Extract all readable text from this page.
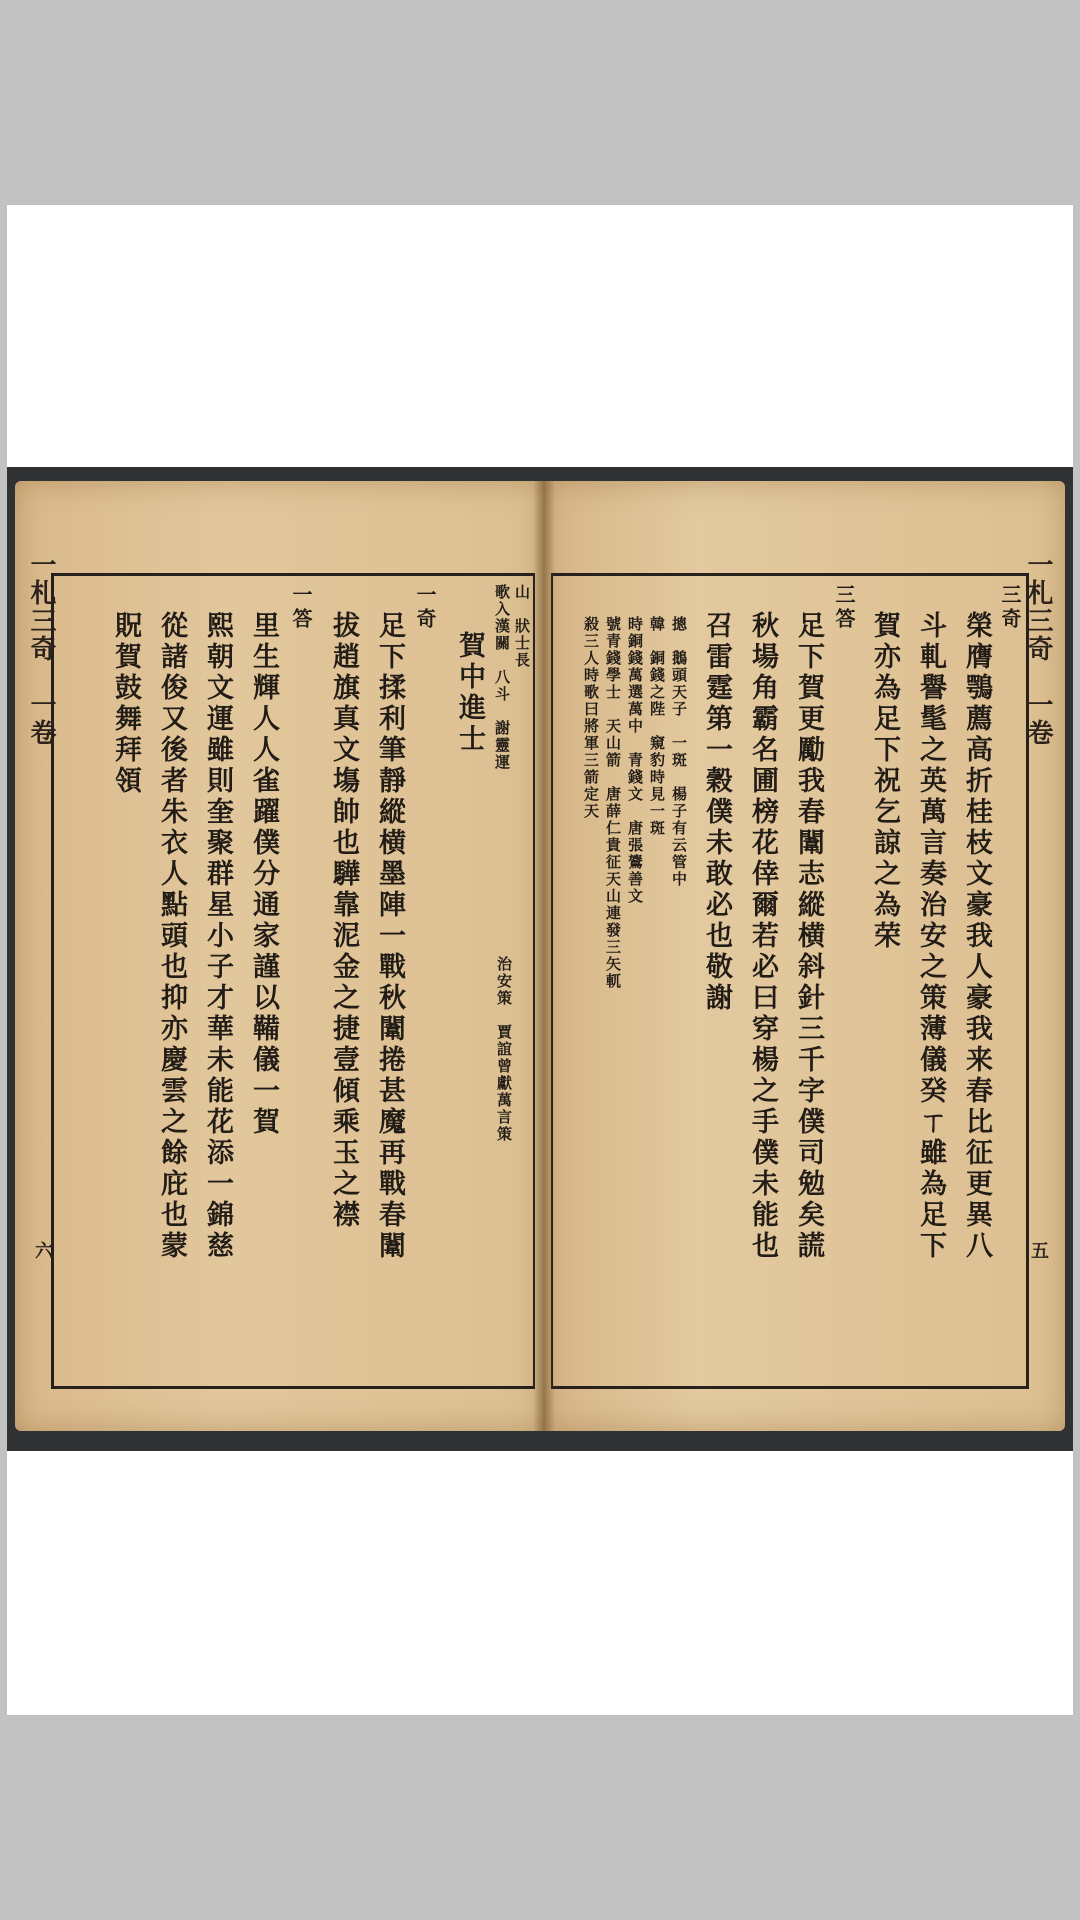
一札三奇　一卷
六
山　狀士長
歌入漢關　八斗　謝靈運
賀中進士
治安策　賈誼曾獻萬言策
一奇
足下揉利筆靜縱横墨陣一戰秋闈捲甚魔再戰春闈
拔趙旗真文塲帥也驊靠泥金之捷壹傾乘玉之襟
一答
里生輝人人雀躍僕分通家謹以鞴儀一賀
熙朝文運雖則奎聚群星小子才華未能花添一錦慈
從諸俊又後者朱衣人點頭也抑亦慶雲之餘庇也蒙
貺賀鼓舞拜領	一札三奇　一卷
五
三奇
榮膺鶚薦高折桂枝文豪我人豪我来春比征更異八
斗軋譽髦之英萬言奏治安之策薄儀癸ㄒ雖為足下
賀亦為足下祝乞諒之為荣
三答
足下賀更勵我春闈志縱横斜針三千字僕司勉矣謊
秋場角霸名圃榜花倖爾若必曰穿楊之手僕未能也
召雷霆第一穀僕未敢必也敬謝
摠　鵝頭天子　一斑　楊子有云管中
韓　銅錢之陛　窺豹時見一斑
時銅錢萬選萬中　青錢文　唐張鷟善文
號青錢學士　天山箭　唐薛仁貴征天山連發三矢軏
殺三人時歌曰將軍三箭定天
